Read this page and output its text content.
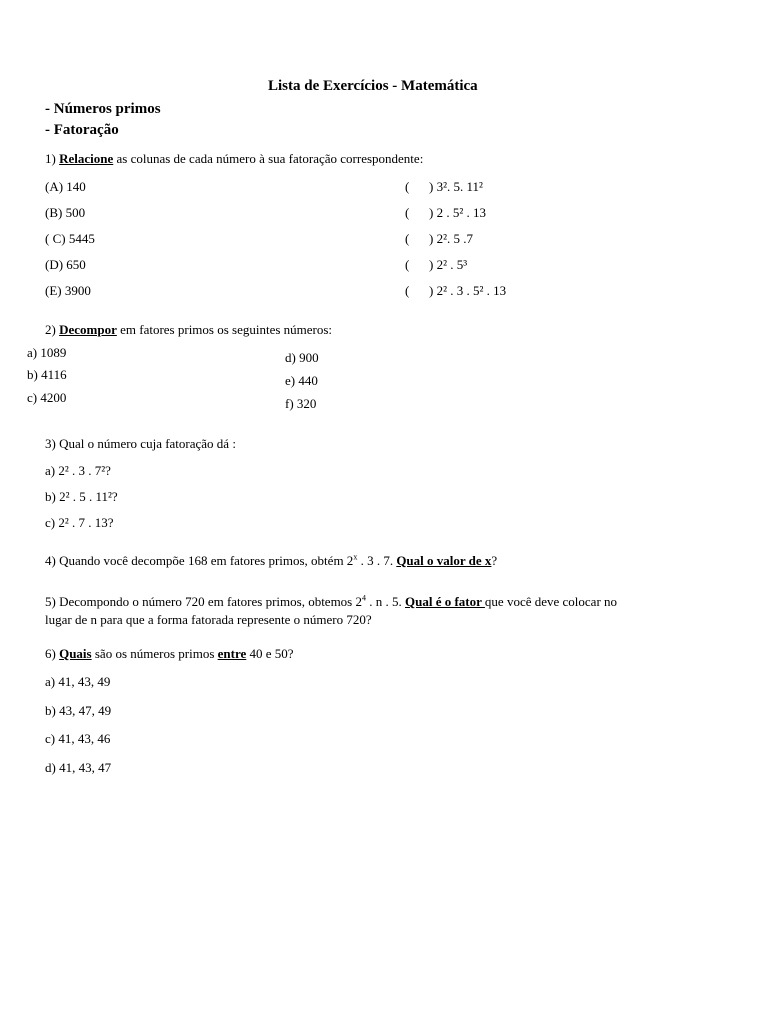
Lista de Exercícios - Matemática
- Números primos
- Fatoração
1) Relacione as colunas de cada número à sua fatoração correspondente:
(A) 140
(B) 500
( C) 5445
(D) 650
(E) 3900
(
(
(
(
(
) 3². 5. 11²
) 2 . 5² . 13
) 2². 5 .7
) 2² . 5³
) 2² . 3 . 5² . 13
2) Decompor em fatores primos os seguintes números:
a) 1089
b) 4116
c) 4200
d) 900
e) 440
f) 320
3) Qual o número cuja fatoração dá :
a) 2² . 3 . 7²?
b) 2² . 5 . 11²?
c) 2² . 7 . 13?
4) Quando você decompõe 168 em fatores primos, obtém 2$^x$ . 3 . 7. Qual o valor de x?
5) Decompondo o número 720 em fatores primos, obtemos $2^4$ . n . 5. Qual é o fator que você deve colocar no
lugar de n para que a forma fatorada represente o número 720?
6) Quais são os números primos entre 40 e 50?
a) 41, 43, 49
b) 43, 47, 49
c) 41, 43, 46
d) 41, 43, 47
